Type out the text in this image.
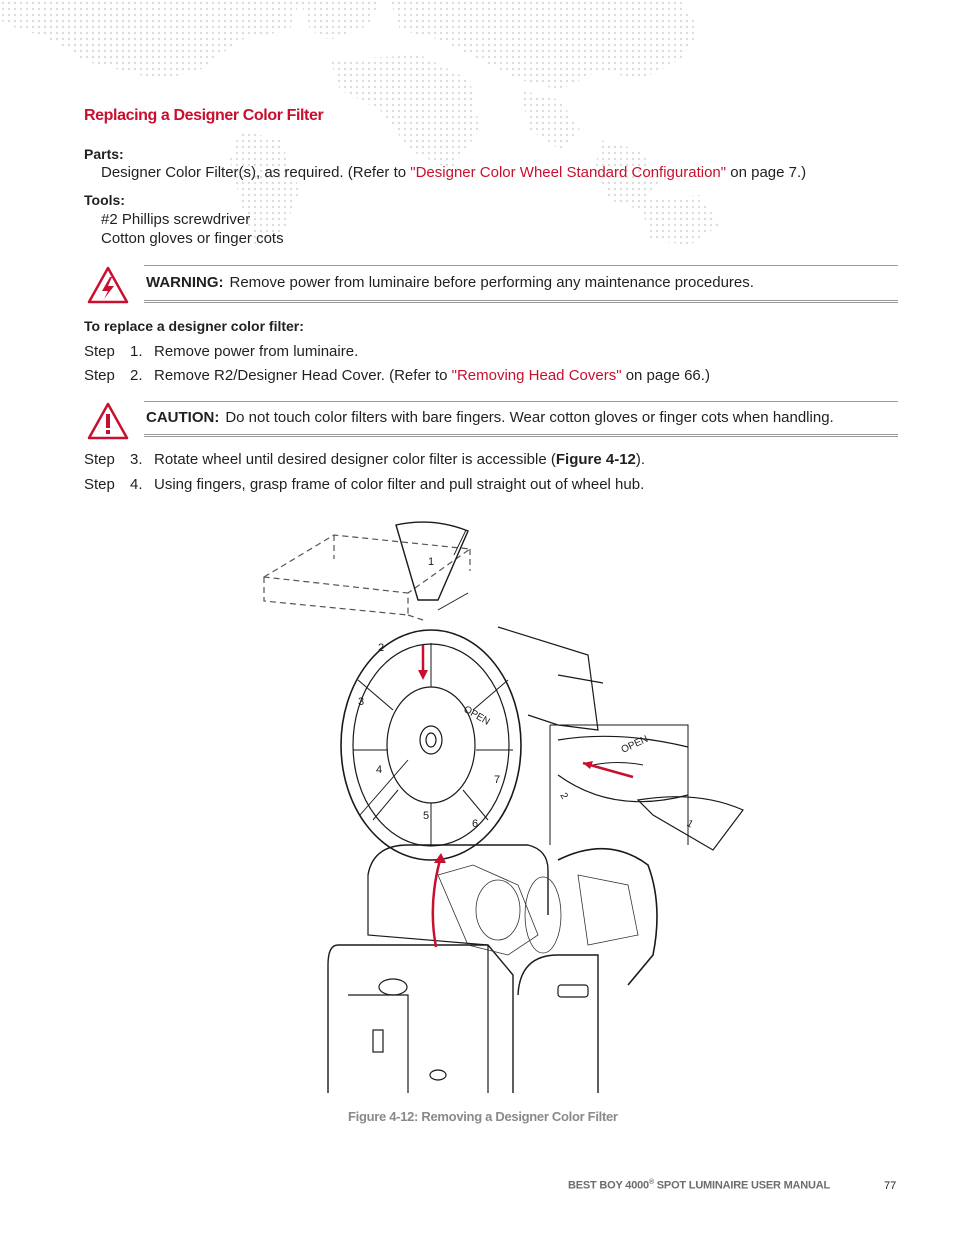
Replacing a Designer Color Filter
Parts:
Designer Color Filter(s), as required. (Refer to "Designer Color Wheel Standard Configuration" on page 7.)
Tools:
#2 Phillips screwdriver
Cotton gloves or finger cots
WARNING: Remove power from luminaire before performing any maintenance procedures.
To replace a designer color filter:
Step 1. Remove power from luminaire.
Step 2. Remove R2/Designer Head Cover. (Refer to "Removing Head Covers" on page 66.)
CAUTION: Do not touch color filters with bare fingers. Wear cotton gloves or finger cots when handling.
Step 3. Rotate wheel until desired designer color filter is accessible (Figure 4-12).
Step 4. Using fingers, grasp frame of color filter and pull straight out of wheel hub.
1
2
3
4
5
6
7
OPEN
OPEN
2
1
Figure 4-12: Removing a Designer Color Filter
BEST BOY 4000® SPOT LUMINAIRE USER MANUAL	77
